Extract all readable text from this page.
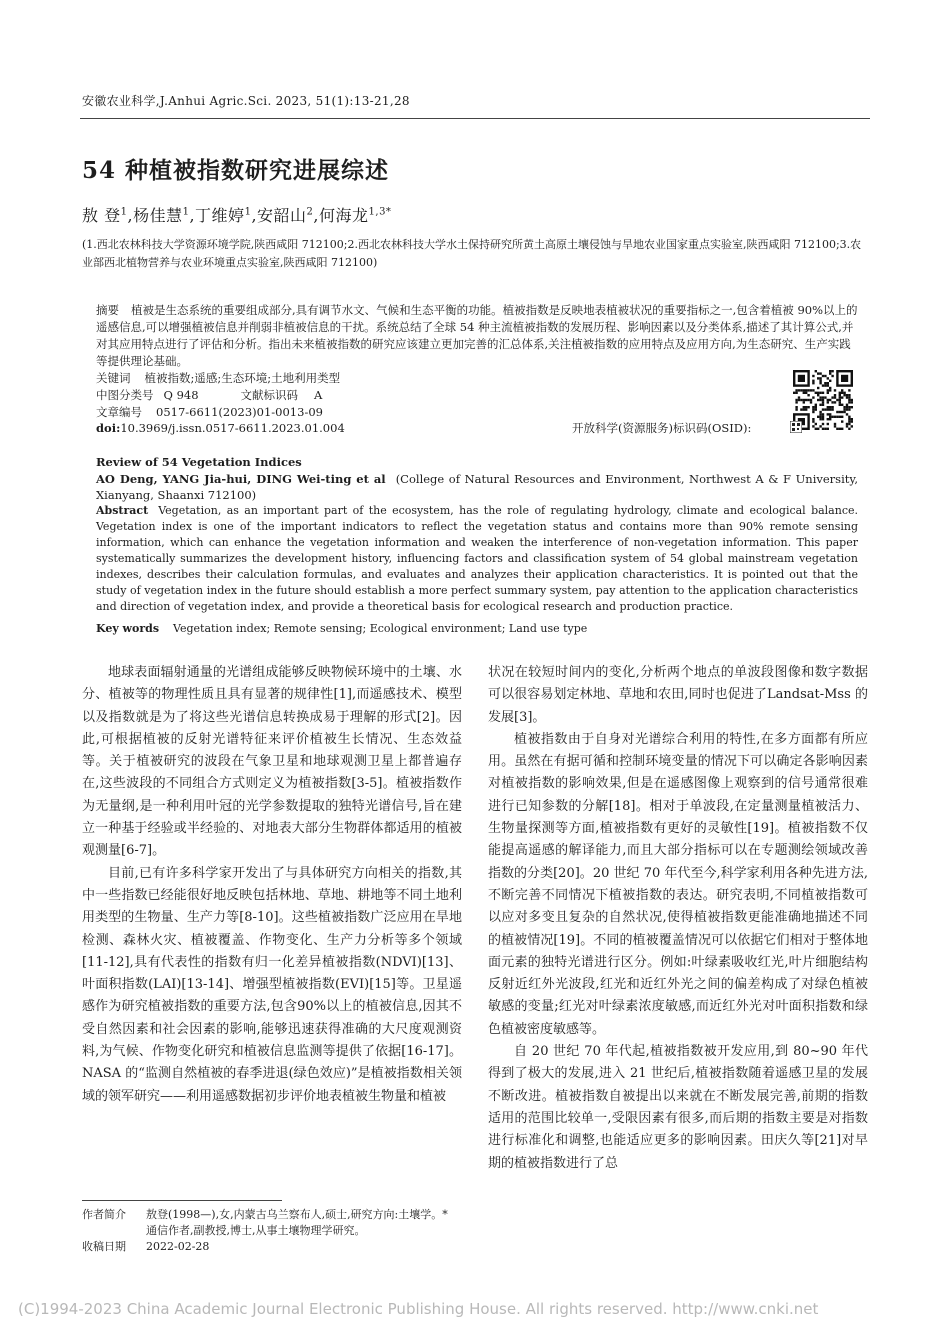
安徽农业科学,J.Anhui Agric.Sci. 2023, 51(1):13-21,28
54 种植被指数研究进展综述
敖 登$^1$,杨佳慧$^1$,丁维婷$^1$,安韶山$^2$,何海龙$^{1,3*}$
(1.西北农林科技大学资源环境学院,陕西咸阳 712100;2.西北农林科技大学水土保持研究所黄土高原土壤侵蚀与旱地农业国家重点实验室,陕西咸阳 712100;3.农业部西北植物营养与农业环境重点实验室,陕西咸阳 712100)
摘要 植被是生态系统的重要组成部分,具有调节水文、气候和生态平衡的功能。植被指数是反映地表植被状况的重要指标之一,包含着植被 90%以上的遥感信息,可以增强植被信息并削弱非植被信息的干扰。系统总结了全球 54 种主流植被指数的发展历程、影响因素以及分类体系,描述了其计算公式,并对其应用特点进行了评估和分析。指出未来植被指数的研究应该建立更加完善的汇总体系,关注植被指数的应用特点及应用方向,为生态研究、生产实践等提供理论基础。
关键词 植被指数;遥感;生态环境;土地利用类型
中图分类号 Q 948	文献标识码 A
文章编号 0517-6611(2023)01-0013-09
doi:10.3969/j.issn.0517-6611.2023.01.004	开放科学(资源服务)标识码(OSID):
Review of 54 Vegetation Indices
AO Deng, YANG Jia-hui, DING Wei-ting et al (College of Natural Resources and Environment, Northwest A & F University, Xianyang, Shaanxi 712100)
Abstract Vegetation, as an important part of the ecosystem, has the role of regulating hydrology, climate and ecological balance. Vegetation index is one of the important indicators to reflect the vegetation status and contains more than 90% remote sensing information, which can enhance the vegetation information and weaken the interference of non-vegetation information. This paper systematically summarizes the development history, influencing factors and classification system of 54 global mainstream vegetation indexes, describes their calculation formulas, and evaluates and analyzes their application characteristics. It is pointed out that the study of vegetation index in the future should establish a more perfect summary system, pay attention to the application characteristics and direction of vegetation index, and provide a theoretical basis for ecological research and production practice.
Key words Vegetation index; Remote sensing; Ecological environment; Land use type

地球表面辐射通量的光谱组成能够反映物候环境中的土壤、水分、植被等的物理性质且具有显著的规律性[1],而遥感技术、模型以及指数就是为了将这些光谱信息转换成易于理解的形式[2]。因此,可根据植被的反射光谱特征来评价植被生长情况、生态效益等。关于植被研究的波段在气象卫星和地球观测卫星上都普遍存在,这些波段的不同组合方式则定义为植被指数[3-5]。植被指数作为无量纲,是一种利用叶冠的光学参数提取的独特光谱信号,旨在建立一种基于经验或半经验的、对地表大部分生物群体都适用的植被观测量[6-7]。

目前,已有许多科学家开发出了与具体研究方向相关的指数,其中一些指数已经能很好地反映包括林地、草地、耕地等不同土地利用类型的生物量、生产力等[8-10]。这些植被指数广泛应用在旱地检测、森林火灾、植被覆盖、作物变化、生产力分析等多个领域[11-12],具有代表性的指数有归一化差异植被指数(NDVI)[13]、叶面积指数(LAI)[13-14]、增强型植被指数(EVI)[15]等。卫星遥感作为研究植被指数的重要方法,包含90%以上的植被信息,因其不受自然因素和社会因素的影响,能够迅速获得准确的大尺度观测资料,为气候、作物变化研究和植被信息监测等提供了依据[16-17]。NASA 的“监测自然植被的春季进退(绿色效应)”是植被指数相关领域的领军研究——利用遥感数据初步评价地表植被生物量和植被

状况在较短时间内的变化,分析两个地点的单波段图像和数字数据可以很容易划定林地、草地和农田,同时也促进了Landsat-Mss 的发展[3]。

植被指数由于自身对光谱综合利用的特性,在多方面都有所应用。虽然在有据可循和控制环境变量的情况下可以确定各影响因素对植被指数的影响效果,但是在遥感图像上观察到的信号通常很难进行已知参数的分解[18]。相对于单波段,在定量测量植被活力、生物量探测等方面,植被指数有更好的灵敏性[19]。植被指数不仅能提高遥感的解译能力,而且大部分指标可以在专题测绘领域改善指数的分类[20]。20 世纪 70 年代至今,科学家利用各种先进方法,不断完善不同情况下植被指数的表达。研究表明,不同植被指数可以应对多变且复杂的自然状况,使得植被指数更能准确地描述不同的植被情况[19]。不同的植被覆盖情况可以依据它们相对于整体地面元素的独特光谱进行区分。例如:叶绿素吸收红光,叶片细胞结构反射近红外光波段,红光和近红外光之间的偏差构成了对绿色植被敏感的变量;红光对叶绿素浓度敏感,而近红外光对叶面积指数和绿色植被密度敏感等。

自 20 世纪 70 年代起,植被指数被开发应用,到 80~90 年代得到了极大的发展,进入 21 世纪后,植被指数随着遥感卫星的发展不断改进。植被指数自被提出以来就在不断发展完善,前期的指数适用的范围比较单一,受限因素有很多,而后期的指数主要是对指数进行标准化和调整,也能适应更多的影响因素。田庆久等[21]对早期的植被指数进行了总

作者简介	敖登(1998—),女,内蒙古乌兰察布人,硕士,研究方向:土壤学。* 通信作者,副教授,博士,从事土壤物理学研究。
收稿日期	2022-02-28
(C)1994-2023 China Academic Journal Electronic Publishing House. All rights reserved. http://www.cnki.net
